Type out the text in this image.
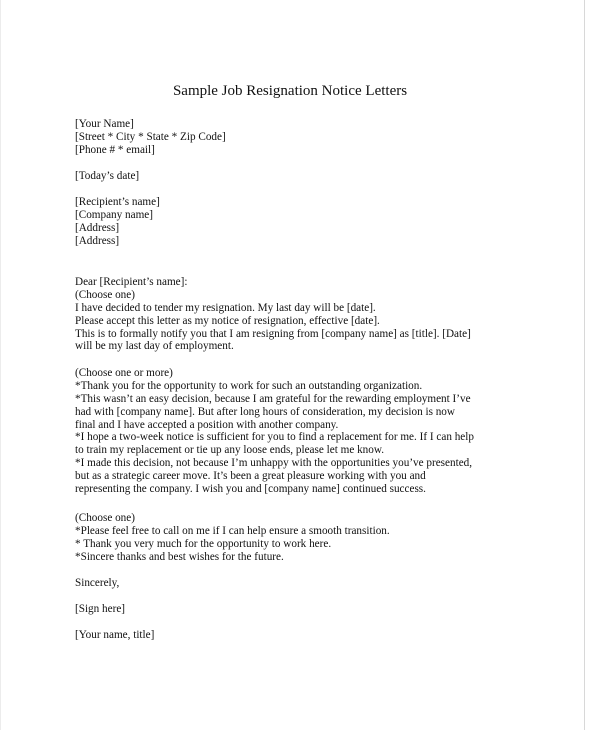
Sample Job Resignation Notice Letters
[Your Name]
[Street * City * State * Zip Code]
[Phone # * email]
[Today’s date]
[Recipient’s name]
[Company name]
[Address]
[Address]
Dear [Recipient’s name]:
(Choose one)
I have decided to tender my resignation. My last day will be [date].
Please accept this letter as my notice of resignation, effective [date].
This is to formally notify you that I am resigning from [company name] as [title]. [Date]
will be my last day of employment.
(Choose one or more)
*Thank you for the opportunity to work for such an outstanding organization.
*This wasn’t an easy decision, because I am grateful for the rewarding employment I’ve
had with [company name]. But after long hours of consideration, my decision is now
final and I have accepted a position with another company.
*I hope a two-week notice is sufficient for you to find a replacement for me. If I can help
to train my replacement or tie up any loose ends, please let me know.
*I made this decision, not because I’m unhappy with the opportunities you’ve presented,
but as a strategic career move. It’s been a great pleasure working with you and
representing the company. I wish you and [company name] continued success.
(Choose one)
*Please feel free to call on me if I can help ensure a smooth transition.
* Thank you very much for the opportunity to work here.
*Sincere thanks and best wishes for the future.
Sincerely,
[Sign here]
[Your name, title]
